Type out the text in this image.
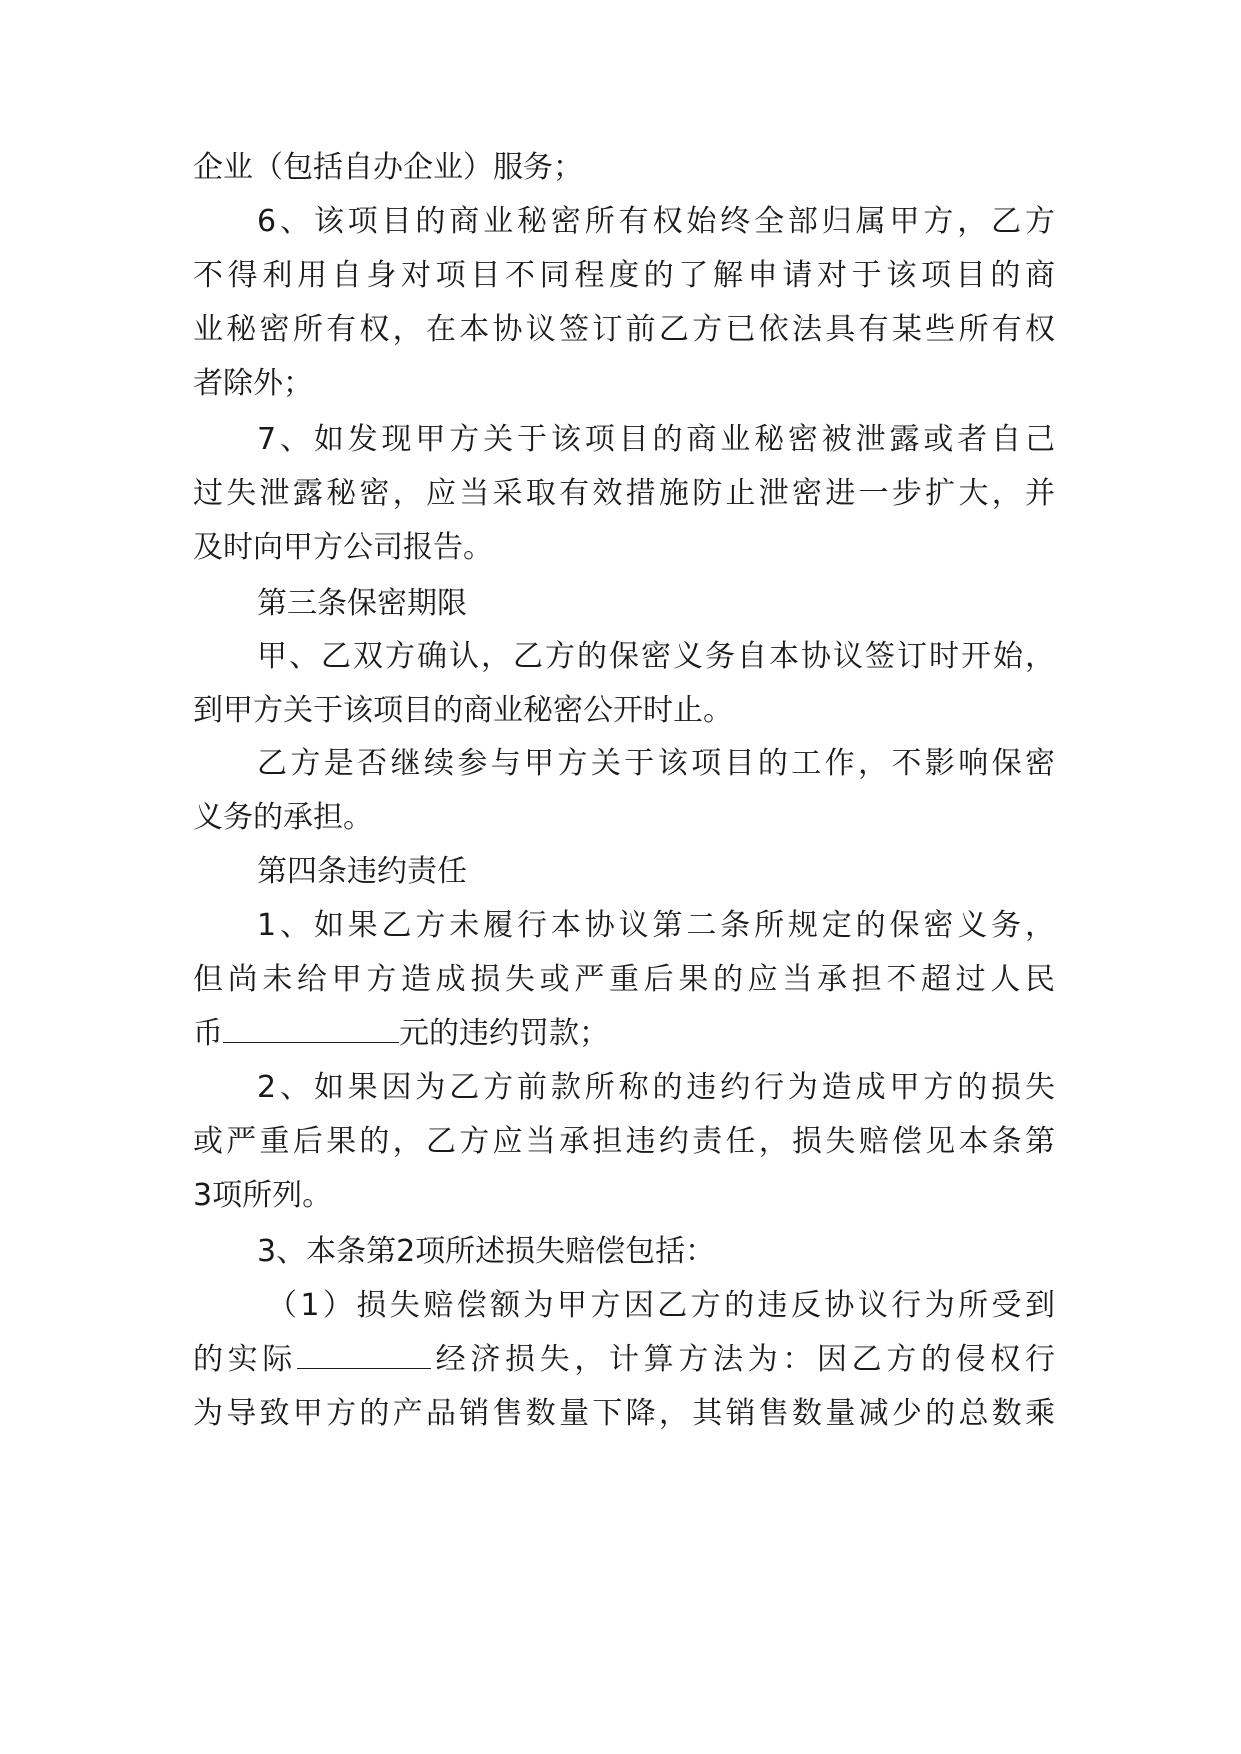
企业（包括自办企业）服务；
6、该项目的商业秘密所有权始终全部归属甲方，乙方
不得利用自身对项目不同程度的了解申请对于该项目的商
业秘密所有权，在本协议签订前乙方已依法具有某些所有权
者除外；
7、如发现甲方关于该项目的商业秘密被泄露或者自己
过失泄露秘密，应当采取有效措施防止泄密进一步扩大，并
及时向甲方公司报告。
第三条保密期限
甲、乙双方确认，乙方的保密义务自本协议签订时开始，
到甲方关于该项目的商业秘密公开时止。
乙方是否继续参与甲方关于该项目的工作，不影响保密
义务的承担。
第四条违约责任
1、如果乙方未履行本协议第二条所规定的保密义务，
但尚未给甲方造成损失或严重后果的应当承担不超过人民
币	元的违约罚款；
2、如果因为乙方前款所称的违约行为造成甲方的损失
或严重后果的，乙方应当承担违约责任，损失赔偿见本条第
3项所列。
3、本条第2项所述损失赔偿包括：
（1）损失赔偿额为甲方因乙方的违反协议行为所受到
的实际	经济损失，计算方法为：因乙方的侵权行
为导致甲方的产品销售数量下降，其销售数量减少的总数乘
